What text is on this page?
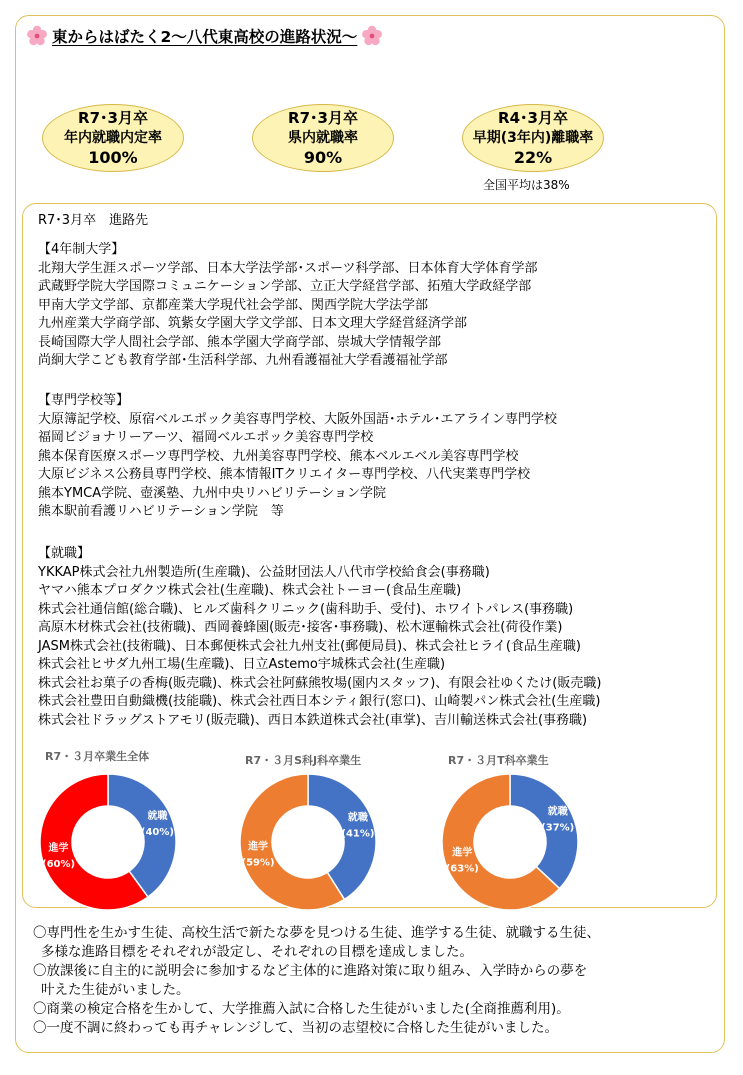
東からはばたく2～八代東高校の進路状況～
R7･3月卒
年内就職内定率
100%
R7･3月卒
県内就職率
90%
R4･3月卒
早期(3年内)離職率
22%
全国平均は38%
R7･3月卒　進路先
【4年制大学】
北翔大学生涯スポーツ学部、日本大学法学部･スポーツ科学部、日本体育大学体育学部
武蔵野学院大学国際コミュニケーション学部、立正大学経営学部、拓殖大学政経学部
甲南大学文学部、京都産業大学現代社会学部、関西学院大学法学部
九州産業大学商学部、筑紫女学園大学文学部、日本文理大学経営経済学部
長崎国際大学人間社会学部、熊本学園大学商学部、崇城大学情報学部
尚絅大学こども教育学部･生活科学部、九州看護福祉大学看護福祉学部
【専門学校等】
大原簿記学校、原宿ベルエポック美容専門学校、大阪外国語･ホテル･エアライン専門学校
福岡ビジョナリーアーツ、福岡ベルエポック美容専門学校
熊本保育医療スポーツ専門学校、九州美容専門学校、熊本ベルエベル美容専門学校
大原ビジネス公務員専門学校、熊本情報ITクリエイター専門学校、八代実業専門学校
熊本YMCA学院、壺溪塾、九州中央リハビリテーション学院
熊本駅前看護リハビリテーション学院　等
【就職】
YKKAP株式会社九州製造所(生産職)、公益財団法人八代市学校給食会(事務職)
ヤマハ熊本プロダクツ株式会社(生産職)、株式会社トーヨー(食品生産職)
株式会社通信館(総合職)、ヒルズ歯科クリニック(歯科助手、受付)、ホワイトパレス(事務職)
高原木材株式会社(技術職)、西岡養蜂園(販売･接客･事務職)、松木運輸株式会社(荷役作業)
JASM株式会社(技術職)、日本郵便株式会社九州支社(郵便局員)、株式会社ヒライ(食品生産職)
株式会社ヒサダ九州工場(生産職)、日立Astemo宇城株式会社(生産職)
株式会社お菓子の香梅(販売職)、株式会社阿蘇熊牧場(園内スタッフ)、有限会社ゆくたけ(販売職)
株式会社豊田自動織機(技能職)、株式会社西日本シティ銀行(窓口)、山崎製パン株式会社(生産職)
株式会社ドラッグストアモリ(販売職)、西日本鉄道株式会社(車掌)、吉川輸送株式会社(事務職)
R7・３月卒業生全体	R7・３月S科J科卒業生	R7・３月T科卒業生
就職
(40%)
進学
(60%)
就職
(41%)
進学
(59%)
就職
(37%)
進学
(63%)
〇専門性を生かす生徒、高校生活で新たな夢を見つける生徒、進学する生徒、就職する生徒、
多様な進路目標をそれぞれが設定し、それぞれの目標を達成しました。
〇放課後に自主的に説明会に参加するなど主体的に進路対策に取り組み、入学時からの夢を
叶えた生徒がいました。
〇商業の検定合格を生かして、大学推薦入試に合格した生徒がいました(全商推薦利用)。
〇一度不調に終わっても再チャレンジして、当初の志望校に合格した生徒がいました。
